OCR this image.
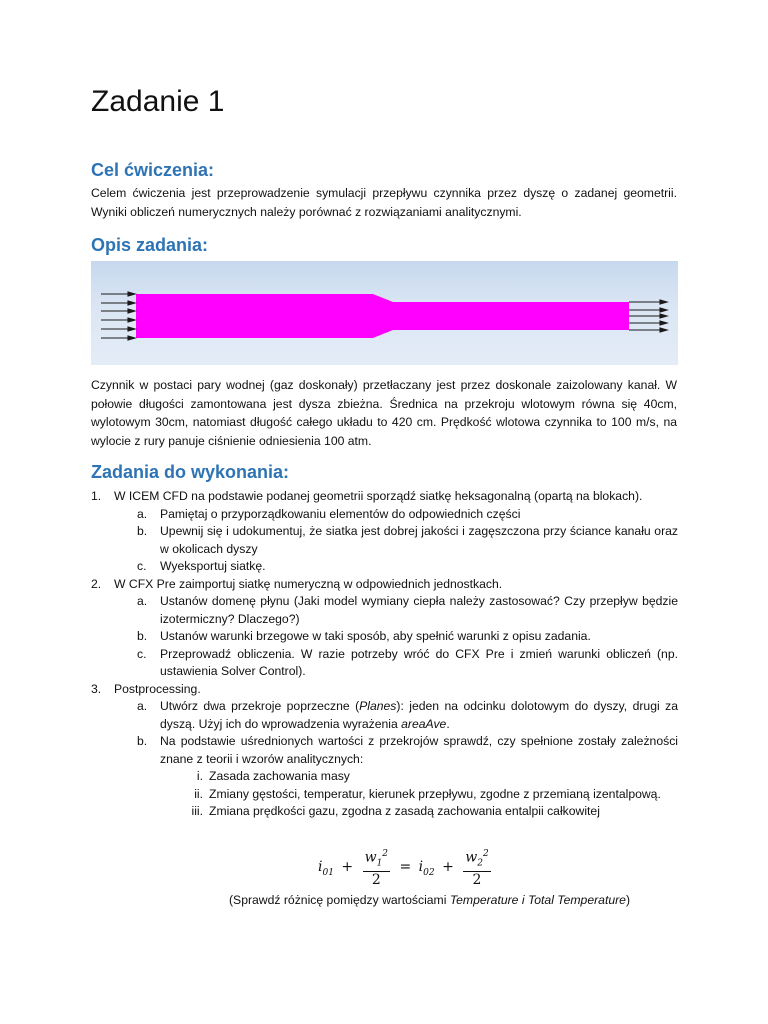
Zadanie 1
Cel ćwiczenia:

Celem ćwiczenia jest przeprowadzenie symulacji przepływu czynnika przez dyszę o zadanej geometrii. Wyniki obliczeń numerycznych należy porównać z rozwiązaniami analitycznymi.

Opis zadania:

Czynnik w postaci pary wodnej (gaz doskonały) przetłaczany jest przez doskonale zaizolowany kanał. W połowie długości zamontowana jest dysza zbieżna. Średnica na przekroju wlotowym równa się 40cm, wylotowym 30cm, natomiast długość całego układu to 420 cm. Prędkość wlotowa czynnika to 100 m/s, na wylocie z rury panuje ciśnienie odniesienia 100 atm.

Zadania do wykonania:
1. W ICEM CFD na podstawie podanej geometrii sporządź siatkę heksagonalną (opartą na blokach).
a. Pamiętaj o przyporządkowaniu elementów do odpowiednich części
b. Upewnij się i udokumentuj, że siatka jest dobrej jakości i zagęszczona przy ściance kanału oraz w okolicach dyszy
c. Wyeksportuj siatkę.
2. W CFX Pre zaimportuj siatkę numeryczną w odpowiednich jednostkach.
a. Ustanów domenę płynu (Jaki model wymiany ciepła należy zastosować? Czy przepływ będzie izotermiczny? Dlaczego?)
b. Ustanów warunki brzegowe w taki sposób, aby spełnić warunki z opisu zadania.
c. Przeprowadź obliczenia. W razie potrzeby wróć do CFX Pre i zmień warunki obliczeń (np. ustawienia Solver Control).
3. Postprocessing.
a. Utwórz dwa przekroje poprzeczne (Planes): jeden na odcinku dolotowym do dyszy, drugi za dyszą. Użyj ich do wprowadzenia wyrażenia areaAve.
b. Na podstawie uśrednionych wartości z przekrojów sprawdź, czy spełnione zostały zależności znane z teorii i wzorów analitycznych:
i. Zasada zachowania masy
ii. Zmiany gęstości, temperatur, kierunek przepływu, zgodne z przemianą izentalpową.
iii. Zmiana prędkości gazu, zgodna z zasadą zachowania entalpii całkowitej
$i_{01} + \frac{w_1^2}{2} = i_{02} + \frac{w_2^2}{2}$
(Sprawdź różnicę pomiędzy wartościami Temperature i Total Temperature)
